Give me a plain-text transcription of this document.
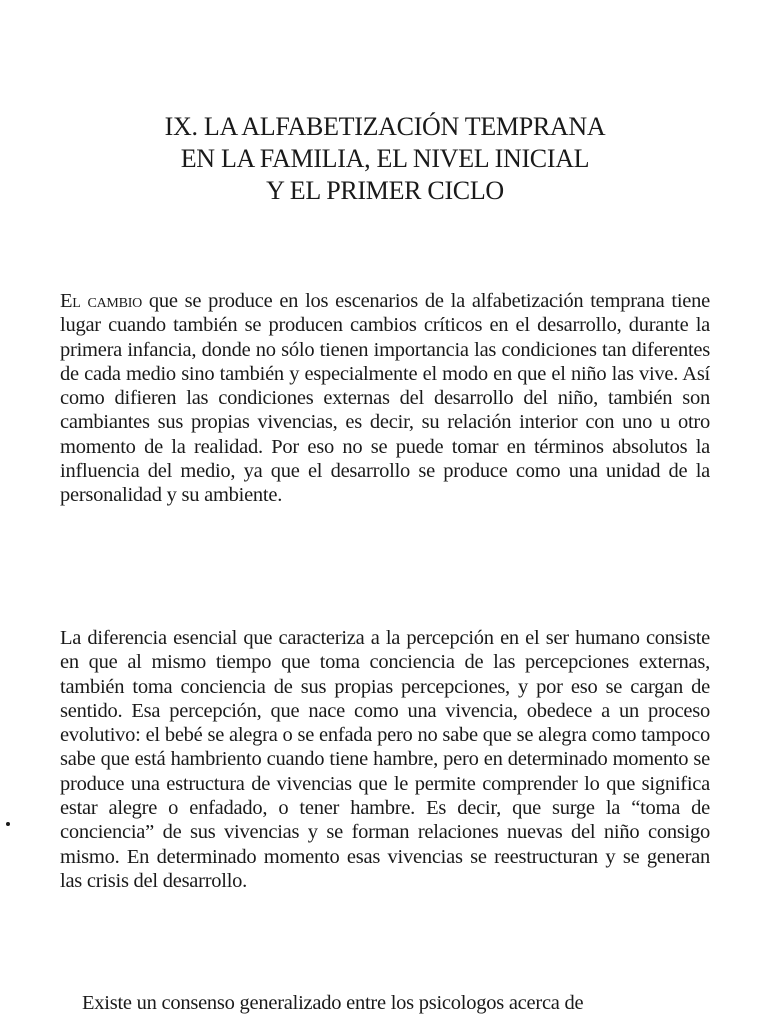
IX. LA ALFABETIZACIÓN TEMPRANA
EN LA FAMILIA, EL NIVEL INICIAL
Y EL PRIMER CICLO

El cambio que se produce en los escenarios de la alfabetización temprana tiene lugar cuando también se producen cambios críticos en el desarrollo, durante la primera infancia, donde no sólo tienen importancia las condiciones tan diferentes de cada medio sino también y especialmente el modo en que el niño las vive. Así como difieren las condiciones externas del desarrollo del niño, también son cambiantes sus propias vivencias, es decir, su relación interior con uno u otro momento de la realidad. Por eso no se puede tomar en términos absolutos la influencia del medio, ya que el desarrollo se produce como una unidad de la personalidad y su ambiente.

La diferencia esencial que caracteriza a la percepción en el ser humano consiste en que al mismo tiempo que toma conciencia de las percepciones externas, también toma conciencia de sus propias percepciones, y por eso se cargan de sentido. Esa percepción, que nace como una vivencia, obedece a un proceso evolutivo: el bebé se alegra o se enfada pero no sabe que se alegra como tampoco sabe que está hambriento cuando tiene hambre, pero en determinado momento se produce una estructura de vivencias que le permite comprender lo que significa estar alegre o enfadado, o tener hambre. Es decir, que surge la “toma de conciencia” de sus vivencias y se forman relaciones nuevas del niño consigo mismo. En determinado momento esas vivencias se reestructuran y se generan las crisis del desarrollo.

Existe un consenso generalizado entre los psicologos acerca de
